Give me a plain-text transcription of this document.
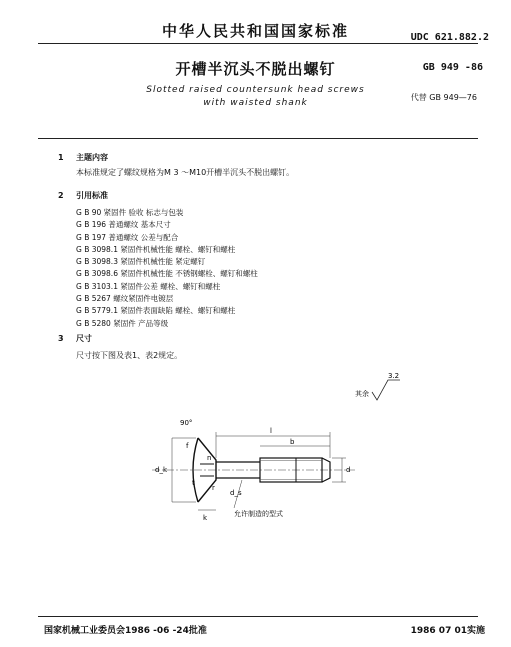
中华人民共和国国家标准	UDC 621.882.2
开槽半沉头不脱出螺钉	GB 949 -86
Slotted raised countersunk head screws
with waisted shank
代替 GB 949—76
1 主题内容
本标准规定了螺纹规格为M 3 ～M10开槽半沉头不脱出螺钉。
2 引用标准
G B 90 紧固件 验收 标志与包装
G B 196 普通螺纹 基本尺寸
G B 197 普通螺纹 公差与配合
G B 3098.1 紧固件机械性能 螺栓、螺钉和螺柱
G B 3098.3 紧固件机械性能 紧定螺钉
G B 3098.6 紧固件机械性能 不锈钢螺栓、螺钉和螺柱
G B 3103.1 紧固件公差 螺栓、螺钉和螺柱
G B 5267 螺纹紧固件电镀层
G B 5779.1 紧固件表面缺陷 螺栓、螺钉和螺柱
G B 5280 紧固件 产品等级
3 尺寸
尺寸按下图及表1、表2规定。
其余
3.2
l
b
d_k	d
d_s
r
k
90°
f
n
t
允许制造的型式
国家机械工业委员会1986 -06 -24批准	1986 07 01实施
